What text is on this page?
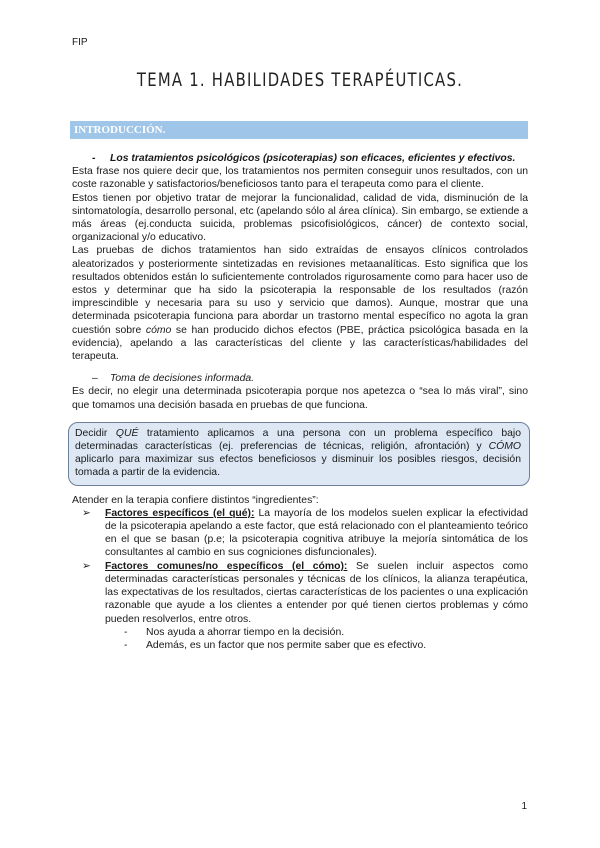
FIP
TEMA 1. HABILIDADES TERAPÉUTICAS.
INTRODUCCIÓN.
-	Los tratamientos psicológicos (psicoterapias) son eficaces, eficientes y efectivos.

Esta frase nos quiere decir que, los tratamientos nos permiten conseguir unos resultados, con un coste razonable y satisfactorios/beneficiosos tanto para el terapeuta como para el cliente.

Estos tienen por objetivo tratar de mejorar la funcionalidad, calidad de vida, disminución de la sintomatología, desarrollo personal, etc (apelando sólo al área clínica). Sin embargo, se extiende a más áreas (ej.conducta suicida, problemas psicofisiológicos, cáncer) de contexto social, organizacional y/o educativo.

Las pruebas de dichos tratamientos han sido extraídas de ensayos clínicos controlados aleatorizados y posteriormente sintetizadas en revisiones metaanalíticas. Esto significa que los resultados obtenidos están lo suficientemente controlados rigurosamente como para hacer uso de estos y determinar que ha sido la psicoterapia la responsable de los resultados (razón imprescindible y necesaria para su uso y servicio que damos). Aunque, mostrar que una determinada psicoterapia funciona para abordar un trastorno mental específico no agota la gran cuestión sobre cómo se han producido dichos efectos (PBE, práctica psicológica basada en la evidencia), apelando a las características del cliente y las características/habilidades del terapeuta.

–	Toma de decisiones informada.

Es decir, no elegir una determinada psicoterapia porque nos apetezca o “sea lo más viral”, sino que tomamos una decisión basada en pruebas de que funciona.

Decidir QUÉ tratamiento aplicamos a una persona con un problema específico bajo determinadas características (ej. preferencias de técnicas, religión, afrontación) y CÓMO aplicarlo para maximizar sus efectos beneficiosos y disminuir los posibles riesgos, decisión tomada a partir de la evidencia.

Atender en la terapia confiere distintos “ingredientes”:

➢	Factores específicos (el qué): La mayoría de los modelos suelen explicar la efectividad de la psicoterapia apelando a este factor, que está relacionado con el planteamiento teórico en el que se basan (p.e; la psicoterapia cognitiva atribuye la mejoría sintomática de los consultantes al cambio en sus cogniciones disfuncionales).
➢	Factores comunes/no específicos (el cómo): Se suelen incluir aspectos como determinadas características personales y técnicas de los clínicos, la alianza terapéutica, las expectativas de los resultados, ciertas características de los pacientes o una explicación razonable que ayude a los clientes a entender por qué tienen ciertos problemas y cómo pueden resolverlos, entre otros.
-	Nos ayuda a ahorrar tiempo en la decisión.
-	Además, es un factor que nos permite saber que es efectivo.
1
